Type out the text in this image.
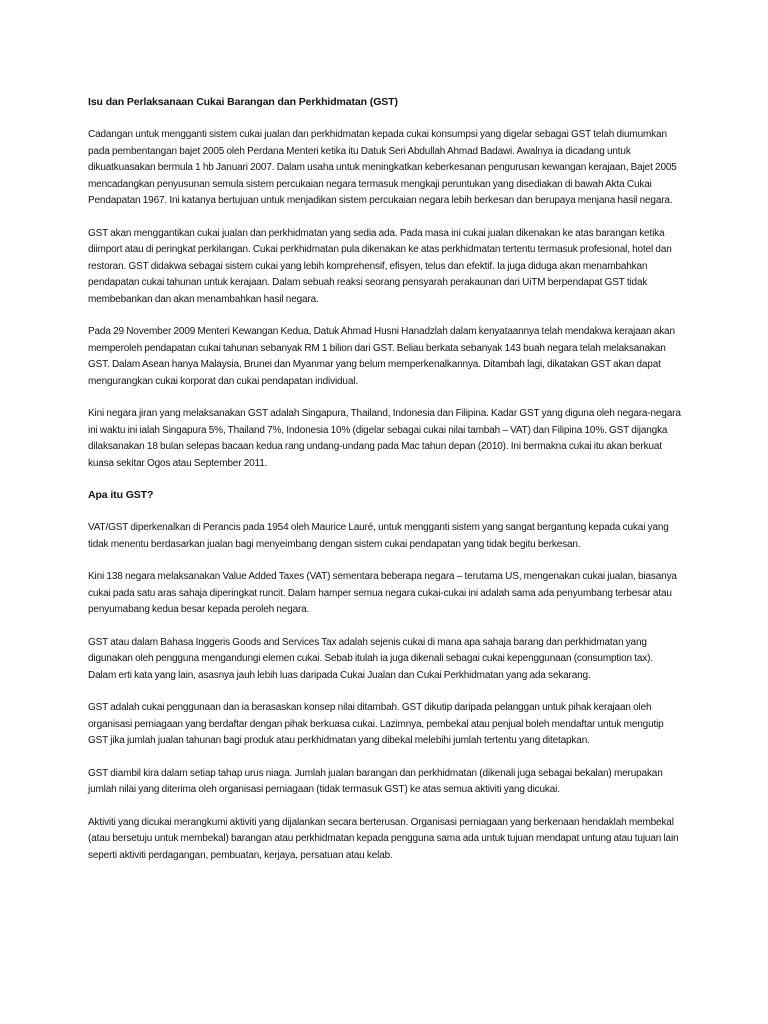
Isu dan Perlaksanaan Cukai Barangan dan Perkhidmatan (GST)

Cadangan untuk mengganti sistem cukai jualan dan perkhidmatan kepada cukai konsumpsi yang digelar sebagai GST telah diumumkan pada pembentangan bajet 2005 oleh Perdana Menteri ketika itu Datuk Seri Abdullah Ahmad Badawi. Awalnya ia dicadang untuk dikuatkuasakan bermula 1 hb Januari 2007. Dalam usaha untuk meningkatkan keberkesanan pengurusan kewangan kerajaan, Bajet 2005 mencadangkan penyusunan semula sistem percukaian negara termasuk mengkaji peruntukan yang disediakan di bawah Akta Cukai Pendapatan 1967. Ini katanya bertujuan untuk menjadikan sistem percukaian negara lebih berkesan dan berupaya menjana hasil negara.

GST akan menggantikan cukai jualan dan perkhidmatan yang sedia ada. Pada masa ini cukai jualan dikenakan ke atas barangan ketika diimport atau di peringkat perkilangan. Cukai perkhidmatan pula dikenakan ke atas perkhidmatan tertentu termasuk profesional, hotel dan restoran. GST didakwa sebagai sistem cukai yang lebih komprehensif, efisyen, telus dan efektif. Ia juga diduga akan menambahkan pendapatan cukai tahunan untuk kerajaan. Dalam sebuah reaksi seorang pensyarah perakaunan dari UiTM berpendapat GST tidak membebankan dan akan menambahkan hasil negara.

Pada 29 November 2009 Menteri Kewangan Kedua, Datuk Ahmad Husni Hanadzlah dalam kenyataannya telah mendakwa kerajaan akan memperoleh pendapatan cukai tahunan sebanyak RM 1 bilion dari GST. Beliau berkata sebanyak 143 buah negara telah melaksanakan GST. Dalam Asean hanya Malaysia, Brunei dan Myanmar yang belum memperkenalkannya. Ditambah lagi, dikatakan GST akan dapat mengurangkan cukai korporat dan cukai pendapatan individual.

Kini negara jiran yang melaksanakan GST adalah Singapura, Thailand, Indonesia dan Filipina. Kadar GST yang diguna oleh negara-negara ini waktu ini ialah Singapura 5%, Thailand 7%, Indonesia 10% (digelar sebagai cukai nilai tambah – VAT) dan Filipina 10%. GST dijangka dilaksanakan 18 bulan selepas bacaan kedua rang undang-undang pada Mac tahun depan (2010). Ini bermakna cukai itu akan berkuat kuasa sekitar Ogos atau September 2011.

Apa itu GST?

VAT/GST diperkenalkan di Perancis pada 1954 oleh Maurice Lauré, untuk mengganti sistem yang sangat bergantung kepada cukai yang tidak menentu berdasarkan jualan bagi menyeimbang dengan sistem cukai pendapatan yang tidak begitu berkesan.

Kini 138 negara melaksanakan Value Added Taxes (VAT) sementara beberapa negara – terutama US, mengenakan cukai jualan, biasanya cukai pada satu aras sahaja diperingkat runcit. Dalam hamper semua negara cukai-cukai ini adalah sama ada penyumbang terbesar atau penyumabang kedua besar kepada peroleh negara.

GST atau dalam Bahasa Inggeris Goods and Services Tax adalah sejenis cukai di mana apa sahaja barang dan perkhidmatan yang digunakan oleh pengguna mengandungi elemen cukai. Sebab itulah ia juga dikenali sebagai cukai kepenggunaan (consumption tax). Dalam erti kata yang lain, asasnya jauh lebih luas daripada Cukai Jualan dan Cukai Perkhidmatan yang ada sekarang.

GST adalah cukai penggunaan dan ia berasaskan konsep nilai ditambah. GST dikutip daripada pelanggan untuk pihak kerajaan oleh organisasi perniagaan yang berdaftar dengan pihak berkuasa cukai. Lazimnya, pembekal atau penjual boleh mendaftar untuk mengutip GST jika jumlah jualan tahunan bagi produk atau perkhidmatan yang dibekal melebihi jumlah tertentu yang ditetapkan.

GST diambil kira dalam setiap tahap urus niaga. Jumlah jualan barangan dan perkhidmatan (dikenali juga sebagai bekalan) merupakan jumlah nilai yang diterima oleh organisasi perniagaan (tidak termasuk GST) ke atas semua aktiviti yang dicukai.

Aktiviti yang dicukai merangkumi aktiviti yang dijalankan secara berterusan. Organisasi perniagaan yang berkenaan hendaklah membekal (atau bersetuju untuk membekal) barangan atau perkhidmatan kepada pengguna sama ada untuk tujuan mendapat untung atau tujuan lain seperti aktiviti perdagangan, pembuatan, kerjaya, persatuan atau kelab.
